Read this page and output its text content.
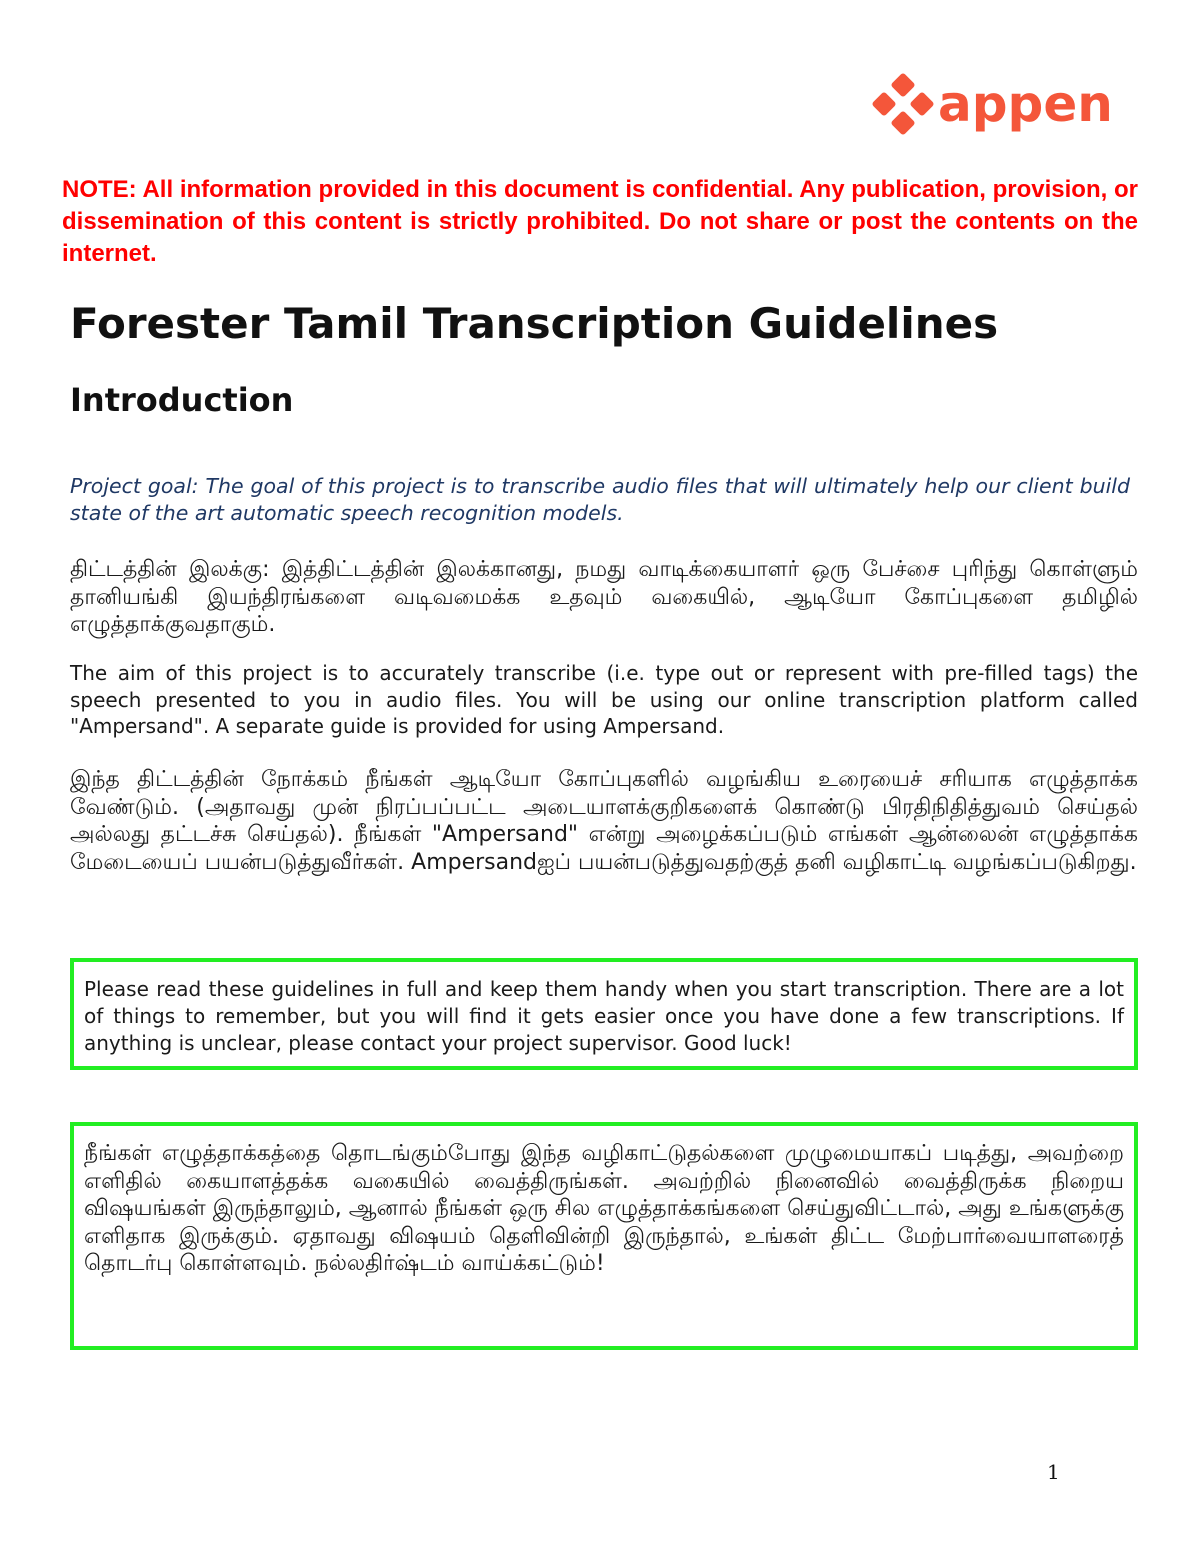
appen

NOTE: All information provided in this document is confidential. Any publication, provision, or dissemination of this content is strictly prohibited. Do not share or post the contents on the internet.

Forester Tamil Transcription Guidelines
Introduction

Project goal: The goal of this project is to transcribe audio files that will ultimately help our client build state of the art automatic speech recognition models.

திட்டத்தின் இலக்கு: இத்திட்டத்தின் இலக்கானது, நமது வாடிக்கையாளர் ஒரு பேச்சை புரிந்து கொள்ளும் தானியங்கி இயந்திரங்களை வடிவமைக்க உதவும் வகையில், ஆடியோ கோப்புகளை தமிழில் எழுத்தாக்குவதாகும்.

The aim of this project is to accurately transcribe (i.e. type out or represent with pre-filled tags) the speech presented to you in audio files. You will be using our online transcription platform called "Ampersand". A separate guide is provided for using Ampersand.

இந்த திட்டத்தின் நோக்கம் நீங்கள் ஆடியோ கோப்புகளில் வழங்கிய உரையைச் சரியாக எழுத்தாக்க வேண்டும். (அதாவது முன் நிரப்பப்பட்ட அடையாளக்குறிகளைக் கொண்டு பிரதிநிதித்துவம் செய்தல் அல்லது தட்டச்சு செய்தல்). நீங்கள் "Ampersand" என்று அழைக்கப்படும் எங்கள் ஆன்லைன் எழுத்தாக்க மேடையைப் பயன்படுத்துவீர்கள். Ampersandஐப் பயன்படுத்துவதற்குத் தனி வழிகாட்டி வழங்கப்படுகிறது.

Please read these guidelines in full and keep them handy when you start transcription. There are a lot of things to remember, but you will find it gets easier once you have done a few transcriptions. If anything is unclear, please contact your project supervisor. Good luck!

நீங்கள் எழுத்தாக்கத்தை தொடங்கும்போது இந்த வழிகாட்டுதல்களை முழுமையாகப் படித்து, அவற்றை எளிதில் கையாளத்தக்க வகையில் வைத்திருங்கள். அவற்றில் நினைவில் வைத்திருக்க நிறைய விஷயங்கள் இருந்தாலும், ஆனால் நீங்கள் ஒரு சில எழுத்தாக்கங்களை செய்துவிட்டால், அது உங்களுக்கு எளிதாக இருக்கும். ஏதாவது விஷயம் தெளிவின்றி இருந்தால், உங்கள் திட்ட மேற்பார்வையாளரைத் தொடர்பு கொள்ளவும். நல்லதிர்ஷ்டம் வாய்க்கட்டும்!

1
